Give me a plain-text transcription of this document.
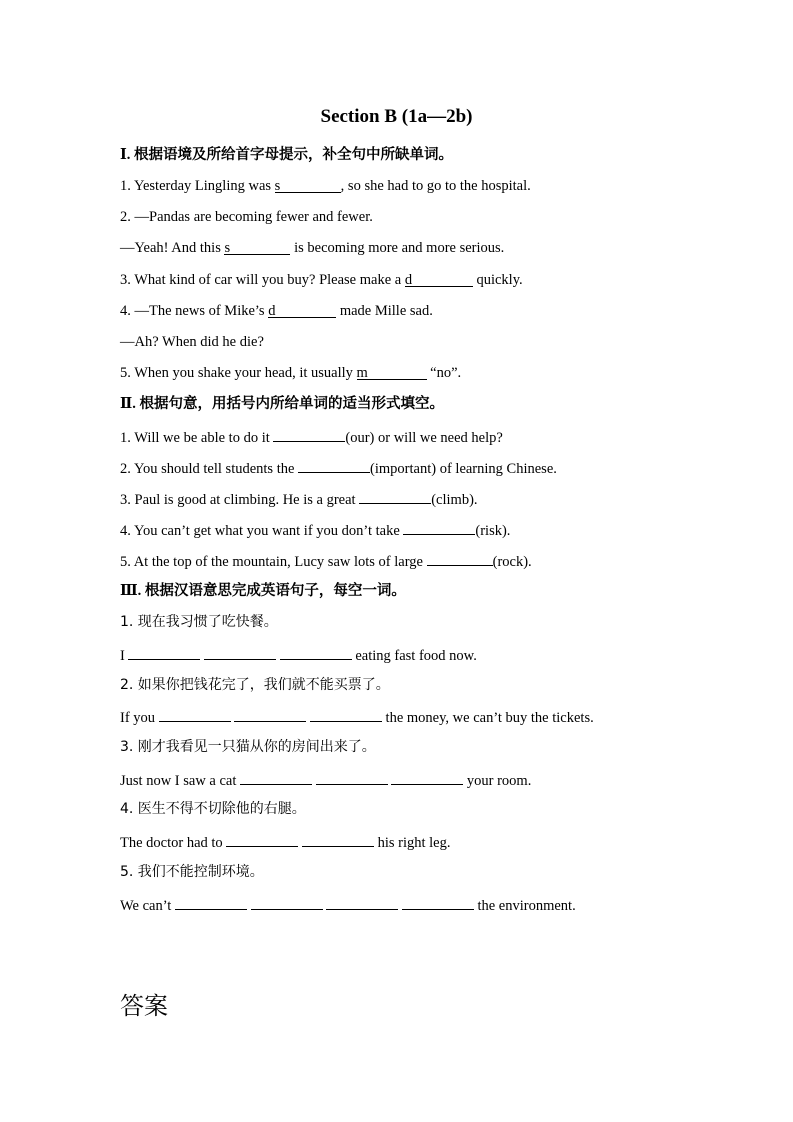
Section B (1a—2b)
Ⅰ. 根据语境及所给首字母提示，补全句中所缺单词。
1. Yesterday Lingling was s	, so she had to go to the hospital.
2. —Pandas are becoming fewer and fewer.
—Yeah! And this s	is becoming more and more serious.
3. What kind of car will you buy? Please make a d	quickly.
4. —The news of Mike’s d	made Mille sad.
—Ah? When did he die?
5. When you shake your head, it usually m	“no”.
Ⅱ. 根据句意，用括号内所给单词的适当形式填空。
1. Will we be able to do it	(our) or will we need help?
2. You should tell students the	(important) of learning Chinese.
3. Paul is good at climbing. He is a great	(climb).
4. You can’t get what you want if you don’t take	(risk).
5. At the top of the mountain, Lucy saw lots of large	(rock).
Ⅲ. 根据汉语意思完成英语句子，每空一词。
1. 现在我习惯了吃快餐。
I	eating fast food now.
2. 如果你把钱花完了，我们就不能买票了。
If you	the money, we can’t buy the tickets.
3. 刚才我看见一只猫从你的房间出来了。
Just now I saw a cat	your room.
4. 医生不得不切除他的右腿。
The doctor had to	his right leg.
5. 我们不能控制环境。
We can’t	the environment.
答案
